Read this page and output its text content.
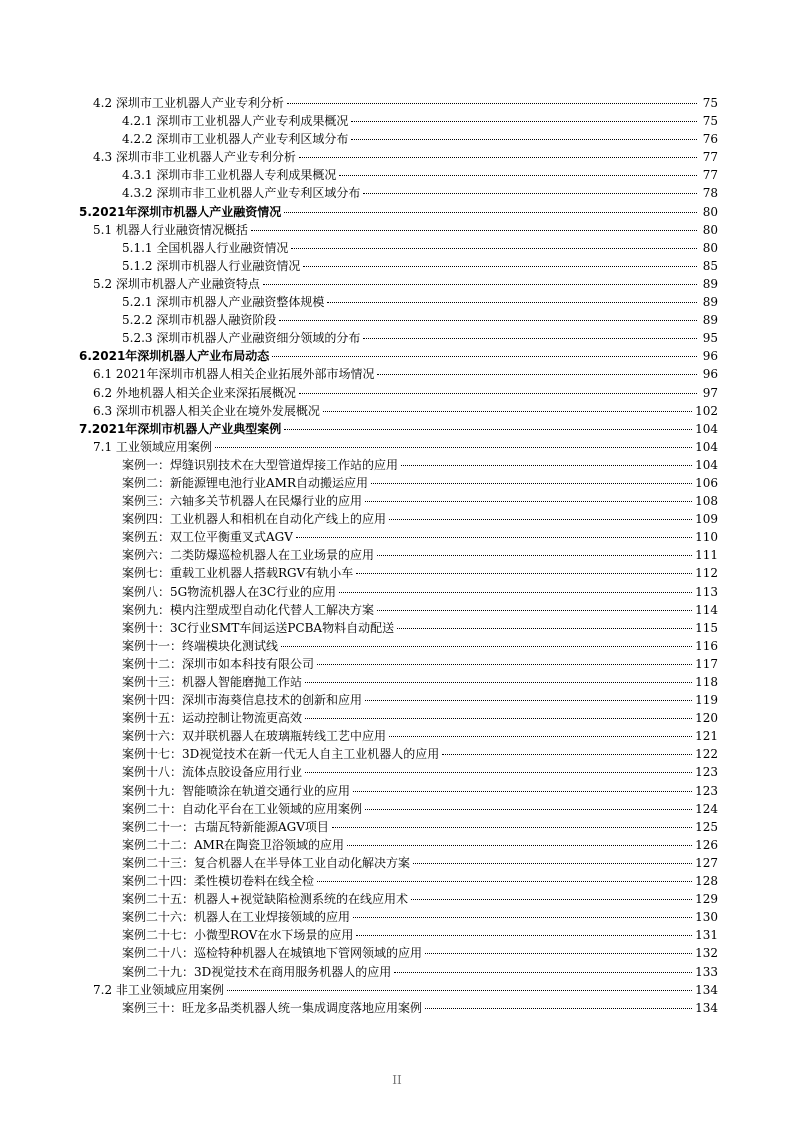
4.2 深圳市工业机器人产业专利分析	75
4.2.1 深圳市工业机器人产业专利成果概况	75
4.2.2 深圳市工业机器人产业专利区域分布	76
4.3 深圳市非工业机器人产业专利分析	77
4.3.1 深圳市非工业机器人专利成果概况	77
4.3.2 深圳市非工业机器人产业专利区域分布	78
5.2021年深圳市机器人产业融资情况	80
5.1 机器人行业融资情况概括	80
5.1.1 全国机器人行业融资情况	80
5.1.2 深圳市机器人行业融资情况	85
5.2 深圳市机器人产业融资特点	89
5.2.1 深圳市机器人产业融资整体规模	89
5.2.2 深圳市机器人融资阶段	89
5.2.3 深圳市机器人产业融资细分领域的分布	95
6.2021年深圳机器人产业布局动态	96
6.1 2021年深圳市机器人相关企业拓展外部市场情况	96
6.2 外地机器人相关企业来深拓展概况	97
6.3 深圳市机器人相关企业在境外发展概况	102
7.2021年深圳市机器人产业典型案例	104
7.1 工业领域应用案例	104
案例一：焊缝识别技术在大型管道焊接工作站的应用	104
案例二：新能源锂电池行业AMR自动搬运应用	106
案例三：六轴多关节机器人在民爆行业的应用	108
案例四：工业机器人和相机在自动化产线上的应用	109
案例五：双工位平衡重叉式AGV	110
案例六：二类防爆巡检机器人在工业场景的应用	111
案例七：重载工业机器人搭载RGV有轨小车	112
案例八：5G物流机器人在3C行业的应用	113
案例九：模内注塑成型自动化代替人工解决方案	114
案例十：3C行业SMT车间运送PCBA物料自动配送	115
案例十一：终端模块化测试线	116
案例十二：深圳市如本科技有限公司	117
案例十三：机器人智能磨抛工作站	118
案例十四：深圳市海葵信息技术的创新和应用	119
案例十五：运动控制让物流更高效	120
案例十六：双并联机器人在玻璃瓶转线工艺中应用	121
案例十七：3D视觉技术在新一代无人自主工业机器人的应用	122
案例十八：流体点胶设备应用行业	123
案例十九：智能喷涂在轨道交通行业的应用	123
案例二十：自动化平台在工业领域的应用案例	124
案例二十一：古瑞瓦特新能源AGV项目	125
案例二十二：AMR在陶瓷卫浴领域的应用	126
案例二十三：复合机器人在半导体工业自动化解决方案	127
案例二十四：柔性模切卷料在线全检	128
案例二十五：机器人+视觉缺陷检测系统的在线应用术	129
案例二十六：机器人在工业焊接领域的应用	130
案例二十七：小微型ROV在水下场景的应用	131
案例二十八：巡检特种机器人在城镇地下管网领域的应用	132
案例二十九：3D视觉技术在商用服务机器人的应用	133
7.2 非工业领域应用案例	134
案例三十：旺龙多品类机器人统一集成调度落地应用案例	134
II
